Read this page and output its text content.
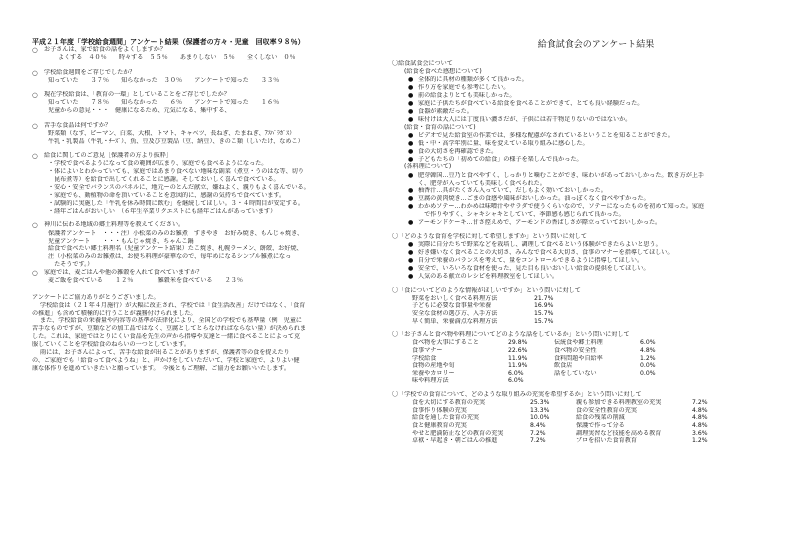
平成２１年度「学校給食週間」アンケート結果（保護者の方々・児童　回収率９８％）
○ お子さんは、家で給食の話をよくしますか？
よくする　４０％　　時々する　５５％　　あまりしない　５％　　全くしない　０％
○ 学校給食週間をご存じでしたか？
知っていた　　３７％　　知らなかった　３０％　　アンケートで知った　　３３％
○ 現在学校給食は、「教育の一環」としていることをご存じでしたか？
知っていた　　７８％　　知らなかった　　６％　　アンケートで知った　　１６％
児童からの意見・・・　健康になるため、元気になる、集中する、
○ 苦手な食品は何ですか？
野菜類（なす、ピーマン、白菜、大根、トマト、キャベツ、長ねぎ、たまねぎ、ｱｽﾊﾟﾗｶﾞｽ）
牛乳・乳製品（牛乳・ﾁｰｽﾞ）、魚、豆及び豆製品（豆、納豆）、きのこ類（しいたけ、なめこ）
○ 給食に関してのご意見［保護者の方より抜粋］
・学校で食べるようになって食の範囲が広まり、家庭でも食べるようになった。
・体によいとわかっていても、家庭ではあまり食べない地味な副菜（煮豆・うのはな等、切り
　昆布煮等）を給食で出してくれることに感謝。そしておいしく喜んで食べている。
・安心・安全でバランスのパネルに、地元ーのとんだ献立、嫌ねよく、親りもよく喜んでいる。
・家庭でも、動植物の命を頂いていることを意図的に、感謝の気持ちで食べています。
・試験的に実施した「牛乳を休み時間に飲む」を継続してほしい。３・４時間目が安定する。
・経年ごはんがおいしい　（６年生卒業リクエストにも経年ごはんがあっています）
○ 神川に伝わる地域の郷土料理等を教えてください。
保護者アンケート　・・・注）小松菜のみのお雑煮　すきやき　お好み焼き、もんじゃ焼き、
児童アンケート　　・・・もんじゃ焼き、ちゃんこ鍋
給食で食べたい郷土料理名（児童アンケート結果）たこ焼き、札幌ラーメン、餅餃、お好焼、
注（小松菜のみのお雑煮は、お使ち料理が豪華なので、毎年めになるシンプル雑煮になっ
　たそうです。）
○ 家庭では、麦ごはんや他の雑穀を入れて食べていますか？
麦ご飯を食べている　　１２％　　　　雑穀米を食べている　　２３％
アンケートにご協力ありがとうございました。
学校給食は（２１年４月施行）が大幅に改正され、学校では「食生活改善」だけではなく、「食育
の推進」も含めて積極的に行うことが義務付けられました。
また、学校給食の栄養量や内容等の基準が法律化により、全国どの学校でも基準量（例　児童に
苦手なものですが、豆類などの加工品ではなく、豆腐としてとらなければならない量）が決められま
した。これは、家庭ではとりにくい食品を先生の声から指導や友達と一緒に食べることによって克
服していくことを学校給食のねらいの一つとしています。
雨には、お子さんによって、苦手な給食が出ることがありますが、保護者等の食を捉えたり
の、ご家庭でも「給食って食べようね」と、声かけをしていただいて、学校と家庭で、よりよい健
康な体作りを進めていきたいと願っています。　今後ともご理解、ご協力をお願いいたします。
給食試食会のアンケート結果
〇給食試食会について
(給食を食べた感想について)
● 全体的に具材の種類が多くて良かった。
● 作り方を家庭でも参考にしたい。
● 前の給食よりとても美味しかった。
● 家庭に子供たちが食べている給食を食べることができて、とても良い経験だった。
● 食器が素敵だった。
● 味付けは大人には丁度良い濃さだが、子供には若干物足りないのではないか。
(給食・食育の話について)
● ビデオで見た給食室の作業では、多様な配慮がなされているということを知ることができた。
● 低・中・高学年別に量、味を変えている取り組みに感心した。
● 食の大切さを再確認できた。
● 子どもたちの「初めての給食」の様子を楽しんで良かった。
(各料理について)
● 肥芽韓国…豆乃と食べやすく、しっかりと噛むことができ、味わいがあっておいしかった。飲き方が上手
く、肥芽が入っていても美味しく食べられた。
● 柚香汁…具がたくさん入っていて、だしもよく効いておいしかった。
● 豆腐の黄肉焼き…ごまの食感や風味がおいしかった。油っぽくなく食べやすかった。
● わかめソテー…わかめは味噌汁やサラダで使うくらいなので、ソテーになったものを初めて知った。家庭
　で作りやすく、シャキシャキとしていて、季節感も感じられて良かった。
● アーモンドケーキ…甘さ控えめで、アーモンドの香ばしさが際立っていておいしかった。
〇「どのような食育を学校に対して希望しますか」という問いに対して
● 実際に自分たちで野菜などを栽培し、調理して食べるという体験ができたらよいと思う。
● 好き嫌いなく食べることの大切さ、みんなで食べる大切さ、食事のマナーを指導してほしい。
● 自分で栄養のバランスを考えて、量をコントロールできるように指導してほしい。
● 安全で、いろいろな食材を使った、見た目も良いおいしい給食の提供をしてほしい。
● 人気のある献立のレシピを料理教室をしてほしい。
〇「食についてどのような情報がほしいですか」という問いに対して
野菜をおいしく食べる料理方法	21.7%
子どもに必要な食事量や栄養	16.9%
安全な食材の選び方、入手方法	15.7%
早く簡単、栄養満点な料理方法	15.7%
〇「お子さんと食べ物や料理についてどのような話をしているか」という問いに対して
食べ物を大事にすること	29.8%	伝統食や郷土料理	6.0%
食事マナー	22.6%	食べ物の安全性	4.8%
学校給食	11.9%	食料問題や自給率	1.2%
食物の産地や旬	11.9%	飲食店	0.0%
栄養やカロリー	6.0%	話をしていない	0.0%
味や料理方法	6.0%
〇「学校での食育について、どのような取り組みの充実を希望するか」という問いに対して
食を大切にする教育の充実	25.3%	親も参加できる料理教室の充実	7.2%
食事作り体験の充実	13.3%	食の安全性教育の充実	4.8%
給食を通した食育の充実	10.0%	給食の残菜の削減	4.8%
食と健康教育の充実	8.4%	保護で作って分る	4.8%
やせと肥満防止などの教育の充実	7.2%	調理実習など技能を高める教育	3.6%
卓袱・早起き・朝ごはんの推進	7.2%	プロを招いた食育教育	1.2%
